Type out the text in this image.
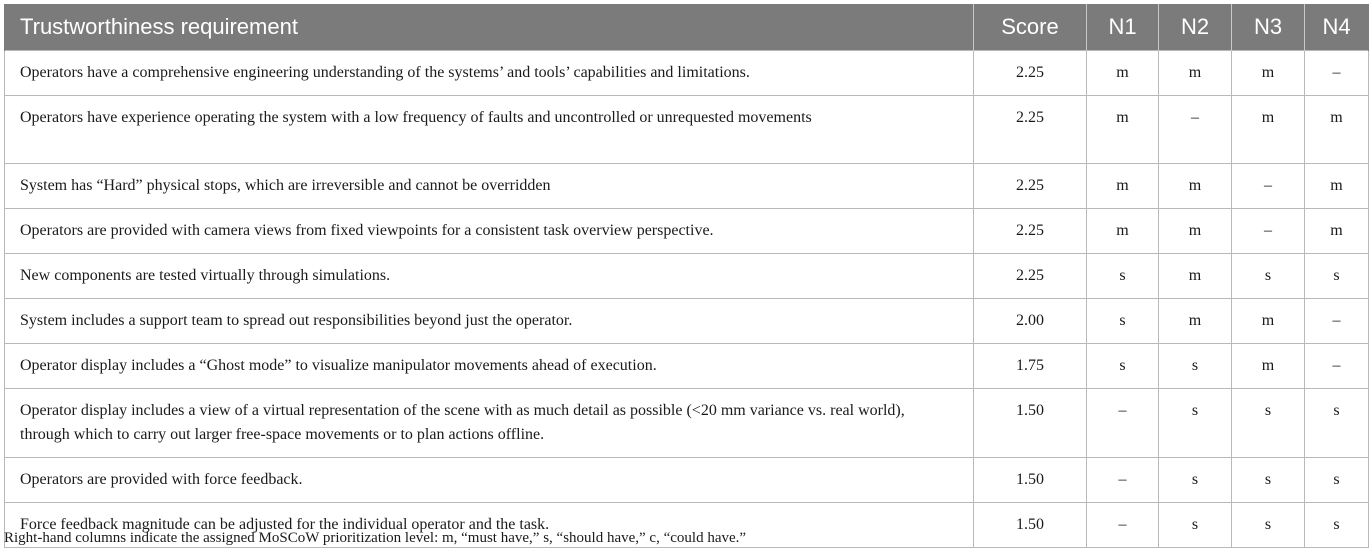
Trustworthiness requirement	Score	N1	N2	N3	N4
Operators have a comprehensive engineering understanding of the systems’ and tools’ capabilities and limitations.	2.25	m	m	m	–
Operators have experience operating the system with a low frequency of faults and uncontrolled or unrequested movements	2.25	m	–	m	m
System has “Hard” physical stops, which are irreversible and cannot be overridden	2.25	m	m	–	m
Operators are provided with camera views from fixed viewpoints for a consistent task overview perspective.	2.25	m	m	–	m
New components are tested virtually through simulations.	2.25	s	m	s	s
System includes a support team to spread out responsibilities beyond just the operator.	2.00	s	m	m	–
Operator display includes a “Ghost mode” to visualize manipulator movements ahead of execution.	1.75	s	s	m	–
Operator display includes a view of a virtual representation of the scene with as much detail as possible (<20 mm variance vs. real world), through which to carry out larger free-space movements or to plan actions offline.	1.50	–	s	s	s
Operators are provided with force feedback.	1.50	–	s	s	s
Force feedback magnitude can be adjusted for the individual operator and the task.	1.50	–	s	s	s
Right-hand columns indicate the assigned MoSCoW prioritization level: m, “must have,” s, “should have,” c, “could have.”
